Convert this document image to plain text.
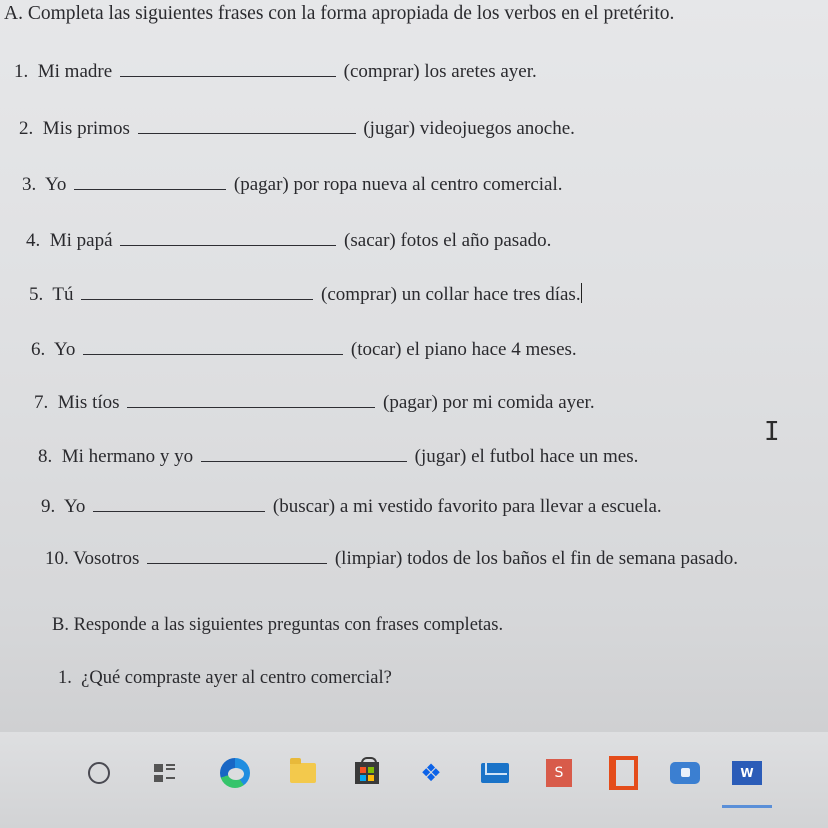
A. Completa las siguientes frases con la forma apropiada de los verbos en el pretérito.
1. Mi madre	(comprar) los aretes ayer.
2. Mis primos	(jugar) videojuegos anoche.
3. Yo	(pagar) por ropa nueva al centro comercial.
4. Mi papá	(sacar) fotos el año pasado.
5. Tú	(comprar) un collar hace tres días.
6. Yo	(tocar) el piano hace 4 meses.
7. Mis tíos	(pagar) por mi comida ayer.
8. Mi hermano y yo	(jugar) el futbol hace un mes.
9. Yo	(buscar) a mi vestido favorito para llevar a escuela.
10. Vosotros	(limpiar) todos de los baños el fin de semana pasado.
B. Responde a las siguientes preguntas con frases completas.
1. ¿Qué compraste ayer al centro comercial?
I
❖	S	W
